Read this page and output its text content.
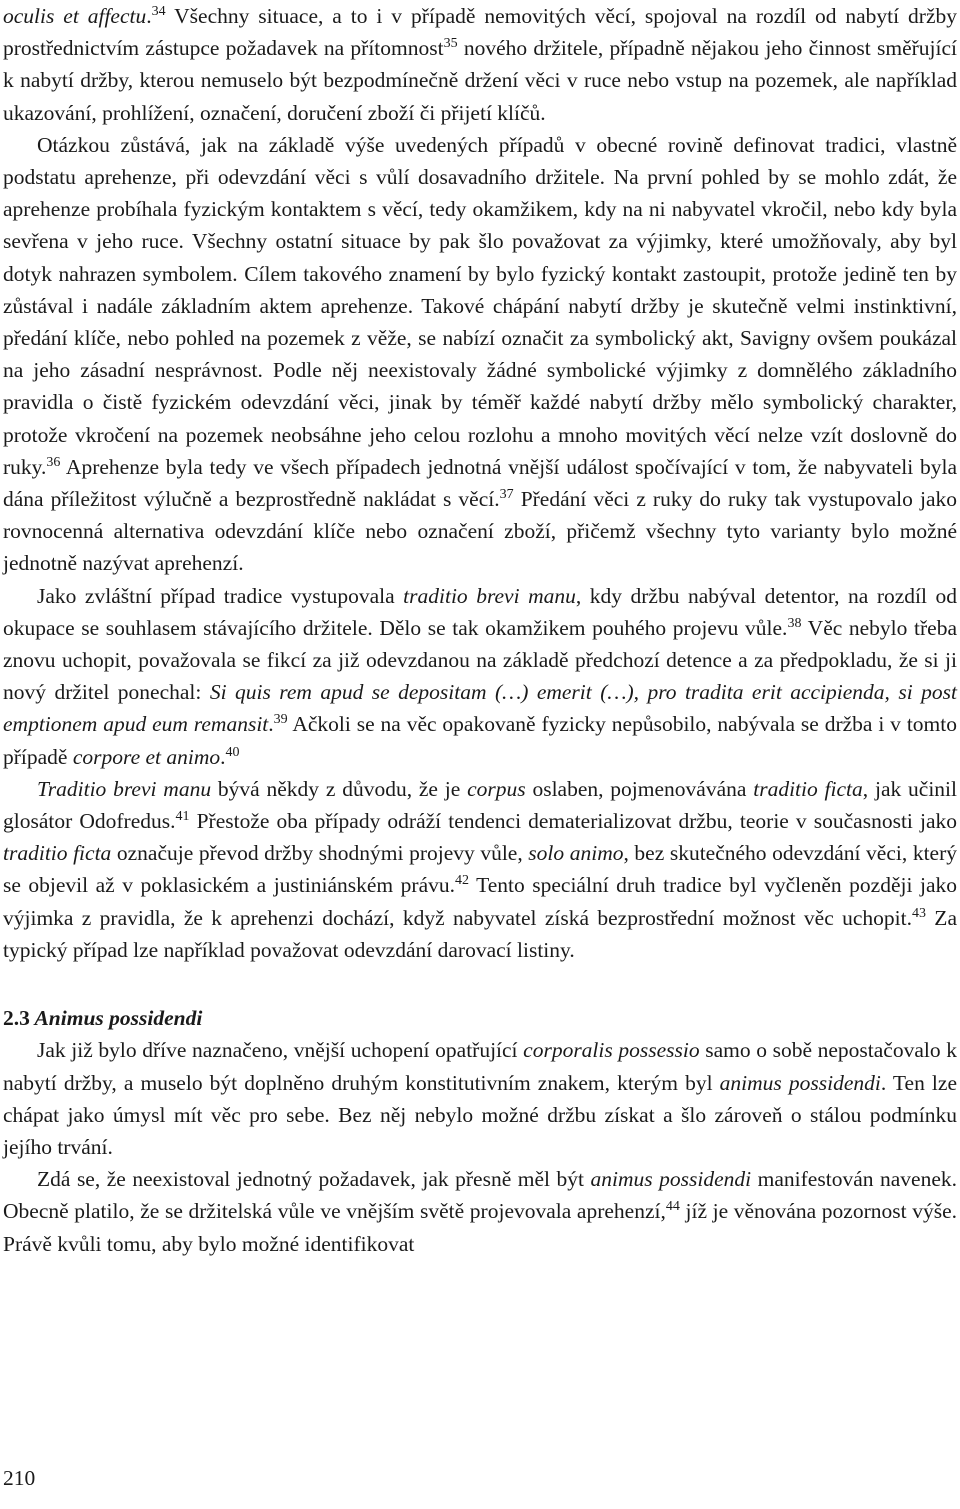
oculis et affectu.$^{34}$ Všechny situace, a to i v případě nemovitých věcí, spojoval na rozdíl od nabytí držby prostřednictvím zástupce požadavek na přítomnost$^{35}$ nového držitele, případně nějakou jeho činnost směřující k nabytí držby, kterou nemuselo být bezpodmínečně držení věci v ruce nebo vstup na pozemek, ale například ukazování, prohlížení, označení, doručení zboží či přijetí klíčů.

Otázkou zůstává, jak na základě výše uvedených případů v obecné rovině definovat tradici, vlastně podstatu aprehenze, při odevzdání věci s vůlí dosavadního držitele. Na první pohled by se mohlo zdát, že aprehenze probíhala fyzickým kontaktem s věcí, tedy okamžikem, kdy na ni nabyvatel vkročil, nebo kdy byla sevřena v jeho ruce. Všechny ostatní situace by pak šlo považovat za výjimky, které umožňovaly, aby byl dotyk nahrazen symbolem. Cílem takového znamení by bylo fyzický kontakt zastoupit, protože jedině ten by zůstával i nadále základním aktem aprehenze. Takové chápání nabytí držby je skutečně velmi instinktivní, předání klíče, nebo pohled na pozemek z věže, se nabízí označit za symbolický akt, Savigny ovšem poukázal na jeho zásadní nesprávnost. Podle něj neexistovaly žádné symbolické výjimky z domnělého základního pravidla o čistě fyzickém odevzdání věci, jinak by téměř každé nabytí držby mělo symbolický charakter, protože vkročení na pozemek neobsáhne jeho celou rozlohu a mnoho movitých věcí nelze vzít doslovně do ruky.$^{36}$ Aprehenze byla tedy ve všech případech jednotná vnější událost spočívající v tom, že nabyvateli byla dána příležitost výlučně a bezprostředně nakládat s věcí.$^{37}$ Předání věci z ruky do ruky tak vystupovalo jako rovnocenná alternativa odevzdání klíče nebo označení zboží, přičemž všechny tyto varianty bylo možné jednotně nazývat aprehenzí.

Jako zvláštní případ tradice vystupovala traditio brevi manu, kdy držbu nabýval detentor, na rozdíl od okupace se souhlasem stávajícího držitele. Dělo se tak okamžikem pouhého projevu vůle.$^{38}$ Věc nebylo třeba znovu uchopit, považovala se fikcí za již odevzdanou na základě předchozí detence a za předpokladu, že si ji nový držitel ponechal: Si quis rem apud se depositam (…) emerit (…), pro tradita erit accipienda, si post emptionem apud eum remansit.$^{39}$ Ačkoli se na věc opakovaně fyzicky nepůsobilo, nabývala se držba i v tomto případě corpore et animo.$^{40}$

Traditio brevi manu bývá někdy z důvodu, že je corpus oslaben, pojmenovávána traditio ficta, jak učinil glosátor Odofredus.$^{41}$ Přestože oba případy odráží tendenci dematerializovat držbu, teorie v současnosti jako traditio ficta označuje převod držby shodnými projevy vůle, solo animo, bez skutečného odevzdání věci, který se objevil až v poklasickém a justiniánském právu.$^{42}$ Tento speciální druh tradice byl vyčleněn později jako výjimka z pravidla, že k aprehenzi dochází, když nabyvatel získá bezprostřední možnost věc uchopit.$^{43}$ Za typický případ lze například považovat odevzdání darovací listiny.

2.3 Animus possidendi

Jak již bylo dříve naznačeno, vnější uchopení opatřující corporalis possessio samo o sobě nepostačovalo k nabytí držby, a muselo být doplněno druhým konstitutivním znakem, kterým byl animus possidendi. Ten lze chápat jako úmysl mít věc pro sebe. Bez něj nebylo možné držbu získat a šlo zároveň o stálou podmínku jejího trvání.

Zdá se, že neexistoval jednotný požadavek, jak přesně měl být animus possidendi manifestován navenek. Obecně platilo, že se držitelská vůle ve vnějším světě projevovala aprehenzí,$^{44}$ jíž je věnována pozornost výše. Právě kvůli tomu, aby bylo možné identifikovat

210
